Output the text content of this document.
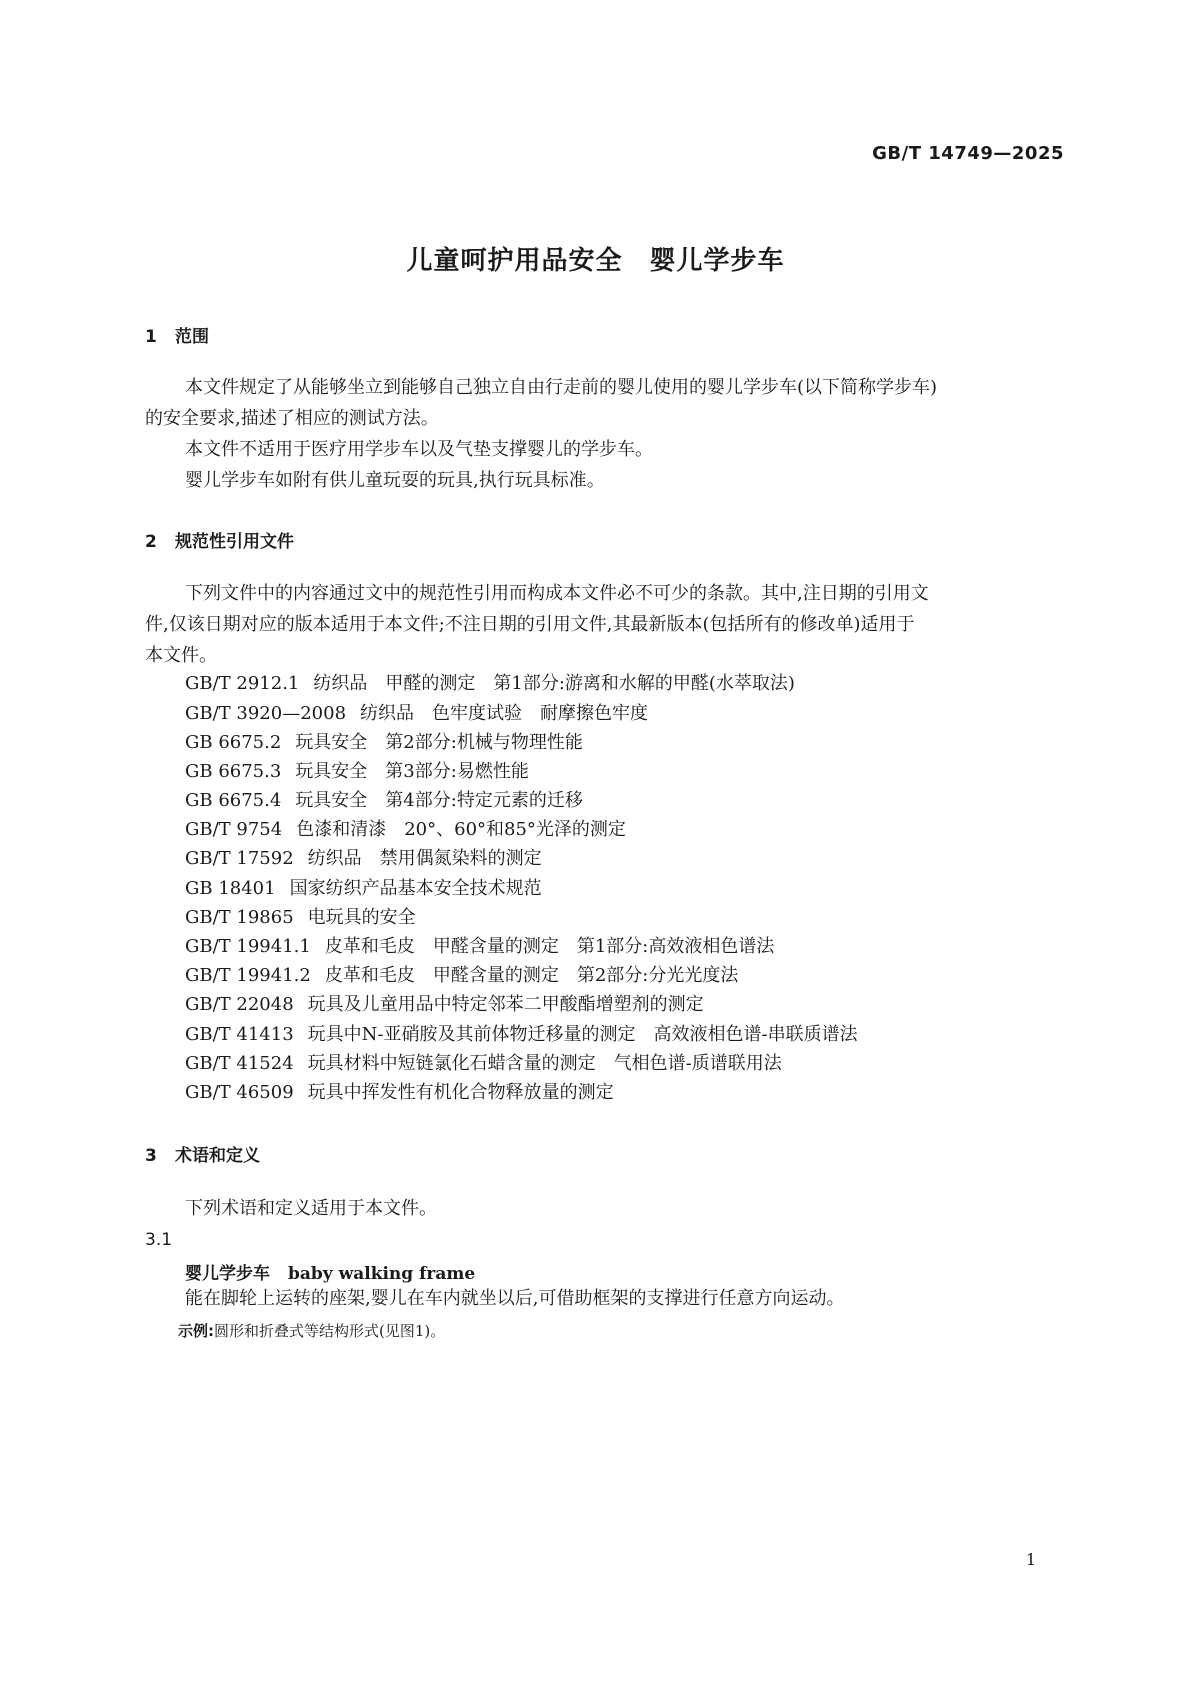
GB/T 14749—2025
儿童呵护用品安全　婴儿学步车
1 范围
本文件规定了从能够坐立到能够自己独立自由行走前的婴儿使用的婴儿学步车(以下简称学步车)
的安全要求,描述了相应的测试方法。
本文件不适用于医疗用学步车以及气垫支撑婴儿的学步车。
婴儿学步车如附有供儿童玩耍的玩具,执行玩具标准。
2 规范性引用文件
下列文件中的内容通过文中的规范性引用而构成本文件必不可少的条款。其中,注日期的引用文
件,仅该日期对应的版本适用于本文件;不注日期的引用文件,其最新版本(包括所有的修改单)适用于
本文件。
GB/T 2912.1 纺织品　甲醛的测定　第1部分:游离和水解的甲醛(水萃取法)
GB/T 3920—2008 纺织品　色牢度试验　耐摩擦色牢度
GB 6675.2 玩具安全　第2部分:机械与物理性能
GB 6675.3 玩具安全　第3部分:易燃性能
GB 6675.4 玩具安全　第4部分:特定元素的迁移
GB/T 9754 色漆和清漆　20°、60°和85°光泽的测定
GB/T 17592 纺织品　禁用偶氮染料的测定
GB 18401 国家纺织产品基本安全技术规范
GB/T 19865 电玩具的安全
GB/T 19941.1 皮革和毛皮　甲醛含量的测定　第1部分:高效液相色谱法
GB/T 19941.2 皮革和毛皮　甲醛含量的测定　第2部分:分光光度法
GB/T 22048 玩具及儿童用品中特定邻苯二甲酸酯增塑剂的测定
GB/T 41413 玩具中N-亚硝胺及其前体物迁移量的测定　高效液相色谱-串联质谱法
GB/T 41524 玩具材料中短链氯化石蜡含量的测定　气相色谱-质谱联用法
GB/T 46509 玩具中挥发性有机化合物释放量的测定
3 术语和定义
下列术语和定义适用于本文件。
3.1
婴儿学步车 baby walking frame
能在脚轮上运转的座架,婴儿在车内就坐以后,可借助框架的支撑进行任意方向运动。
示例:圆形和折叠式等结构形式(见图1)。
1
